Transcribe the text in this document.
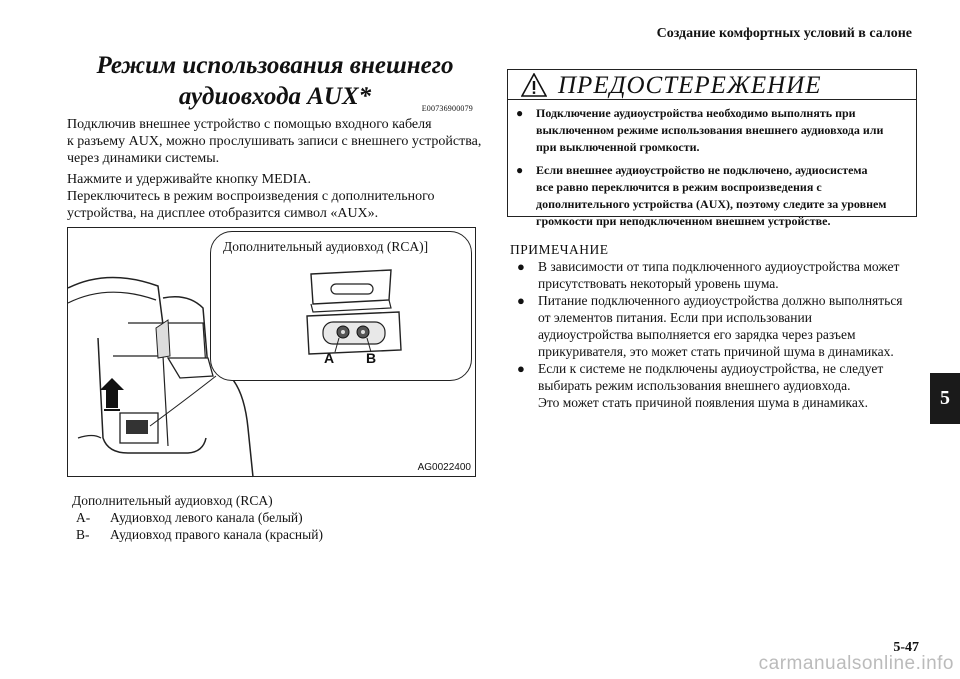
Создание комфортных условий в салоне
Режим использования внешнего
аудиовхода AUX*	E00736900079
Подключив внешнее устройство с помощью входного кабеля
к разъему AUX, можно прослушивать записи с внешнего устройства,
через динамики системы.
Нажмите и удерживайте кнопку MEDIA.
Переключитесь в режим воспроизведения с дополнительного
устройства, на дисплее отобразится символ «AUX».
Дополнительный аудиовход (RCA)]
A B
AG0022400
Дополнительный аудиовход (RCA)
A-	Аудиовход левого канала (белый)
B-	Аудиовход правого канала (красный)
ПРЕДОСТЕРЕЖЕНИЕ
●	Подключение аудиоустройства необходимо выполнять при
выключенном режиме использования внешнего аудиовхода или
при выключенной громкости.
●	Если внешнее аудиоустройство не подключено, аудиосистема
все равно переключится в режим воспроизведения с
дополнительного устройства (AUX), поэтому следите за уровнем
громкости при неподключенном внешнем устройстве.
ПРИМЕЧАНИЕ
● В зависимости от типа подключенного аудиоустройства может
присутствовать некоторый уровень шума.
● Питание подключенного аудиоустройства должно выполняться
от элементов питания. Если при использовании
аудиоустройства выполняется его зарядка через разъем
прикуривателя, это может стать причиной шума в динамиках.
● Если к системе не подключены аудиоустройства, не следует
выбирать режим использования внешнего аудиовхода.
Это может стать причиной появления шума в динамиках.	5
5-47
carmanualsonline.info
